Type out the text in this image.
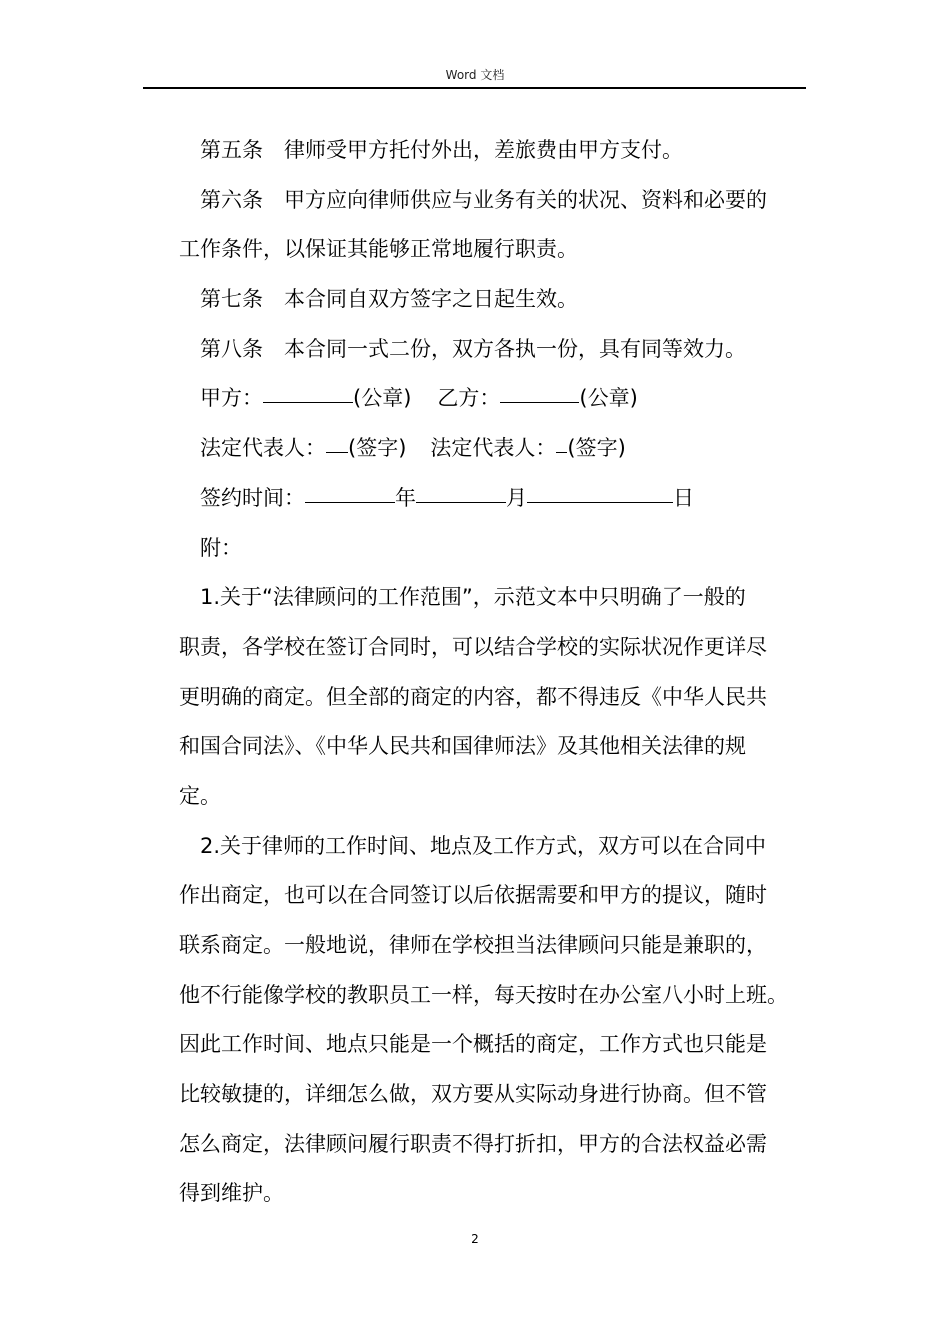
Word 文档
第五条 律师受甲方托付外出，差旅费由甲方支付。
第六条 甲方应向律师供应与业务有关的状况、资料和必要的
工作条件，以保证其能够正常地履行职责。
第七条 本合同自双方签字之日起生效。
第八条 本合同一式二份，双方各执一份，具有同等效力。
甲方：	(公章) 乙方：	(公章)
法定代表人： (签字) 法定代表人： (签字)
签约时间：	年	月	日
附：
1.关于“法律顾问的工作范围”，示范文本中只明确了一般的
职责，各学校在签订合同时，可以结合学校的实际状况作更详尽
更明确的商定。但全部的商定的内容，都不得违反《中华人民共
和国合同法》、《中华人民共和国律师法》及其他相关法律的规
定。
2.关于律师的工作时间、地点及工作方式，双方可以在合同中
作出商定，也可以在合同签订以后依据需要和甲方的提议，随时
联系商定。一般地说，律师在学校担当法律顾问只能是兼职的，
他不行能像学校的教职员工一样，每天按时在办公室八小时上班。
因此工作时间、地点只能是一个概括的商定，工作方式也只能是
比较敏捷的，详细怎么做，双方要从实际动身进行协商。但不管
怎么商定，法律顾问履行职责不得打折扣，甲方的合法权益必需
得到维护。
2
